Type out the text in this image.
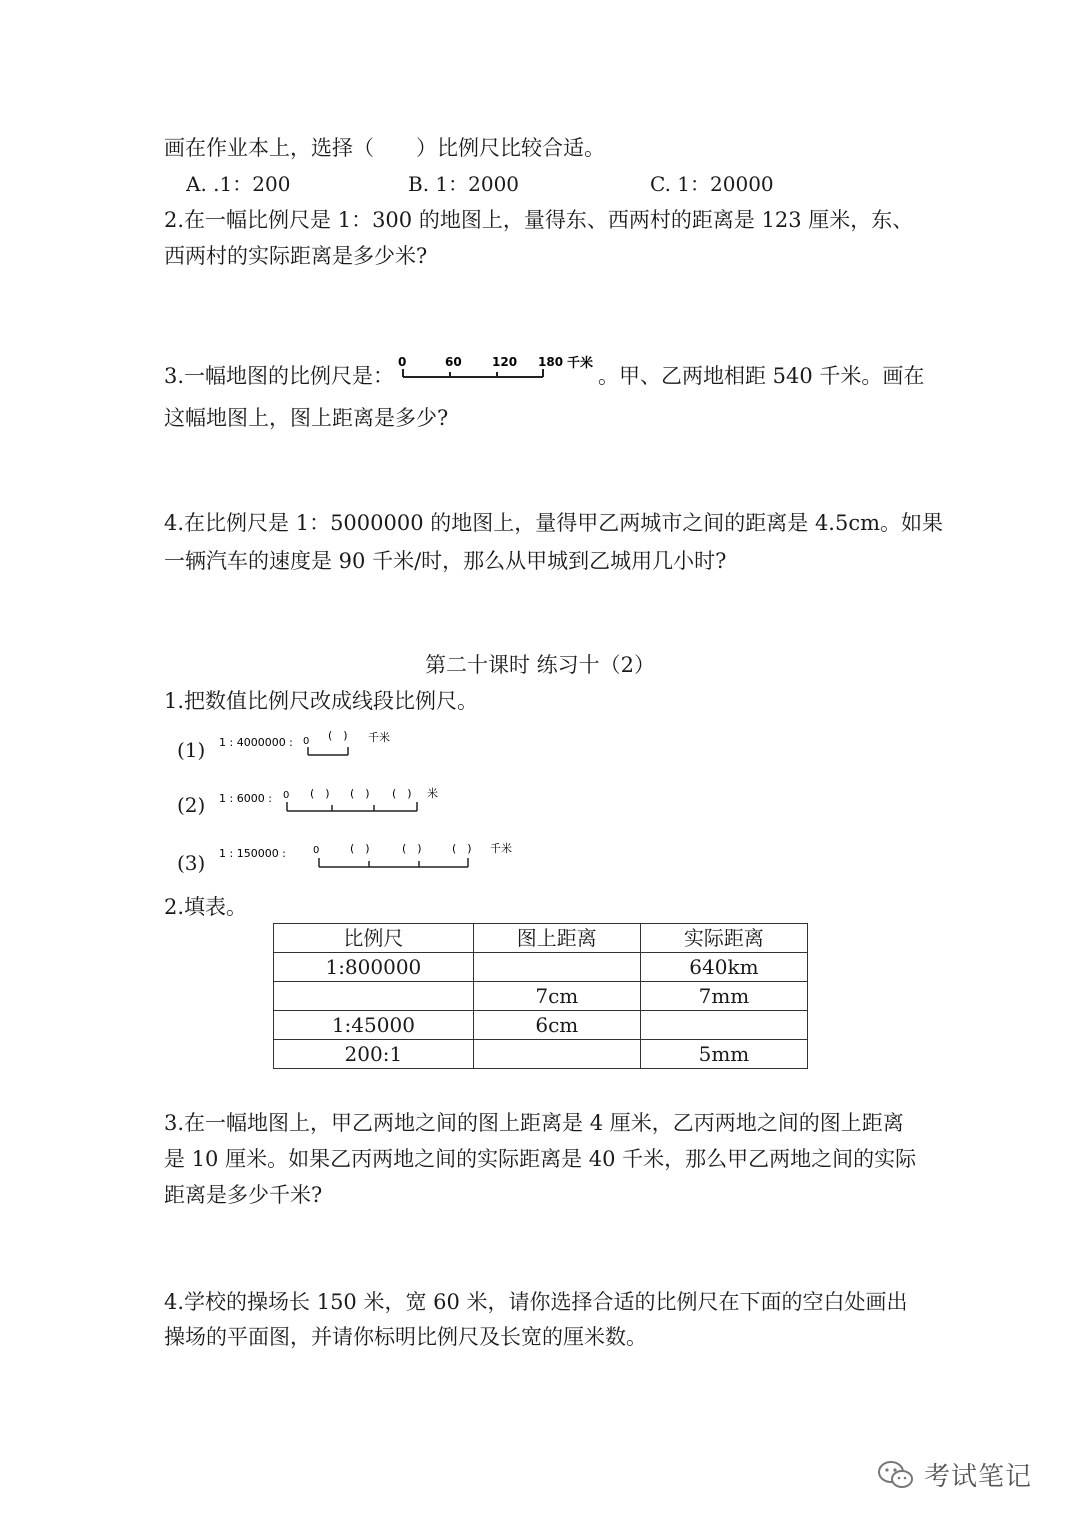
画在作业本上，选择（　　）比例尺比较合适。
A. .1：200	B. 1：2000	C. 1：20000
2.在一幅比例尺是 1：300 的地图上，量得东、西两村的距离是 123 厘米，东、
西两村的实际距离是多少米?
3.一幅地图的比例尺是：
0	60	120 180 千米
。甲、乙两地相距 540 千米。画在
这幅地图上，图上距离是多少?
4.在比例尺是 1：5000000 的地图上，量得甲乙两城市之间的距离是 4.5cm。如果
一辆汽车的速度是 90 千米/时，那么从甲城到乙城用几小时?
第二十课时 练习十（2）
1.把数值比例尺改成线段比例尺。
(1) 1 : 4000000 : 0 (　) 千米
(2) 1 : 6000 : 0 (　) (　) (　) 米
(3) 1 : 150000 :	0	(　)	(　)	(　) 千米
2.填表。
比例尺	图上距离	实际距离
1:800000		640km
	7cm	7mm
1:45000	6cm	
200:1		5mm
3.在一幅地图上，甲乙两地之间的图上距离是 4 厘米，乙丙两地之间的图上距离
是 10 厘米。如果乙丙两地之间的实际距离是 40 千米，那么甲乙两地之间的实际
距离是多少千米?
4.学校的操场长 150 米，宽 60 米，请你选择合适的比例尺在下面的空白处画出
操场的平面图，并请你标明比例尺及长宽的厘米数。
考试笔记
